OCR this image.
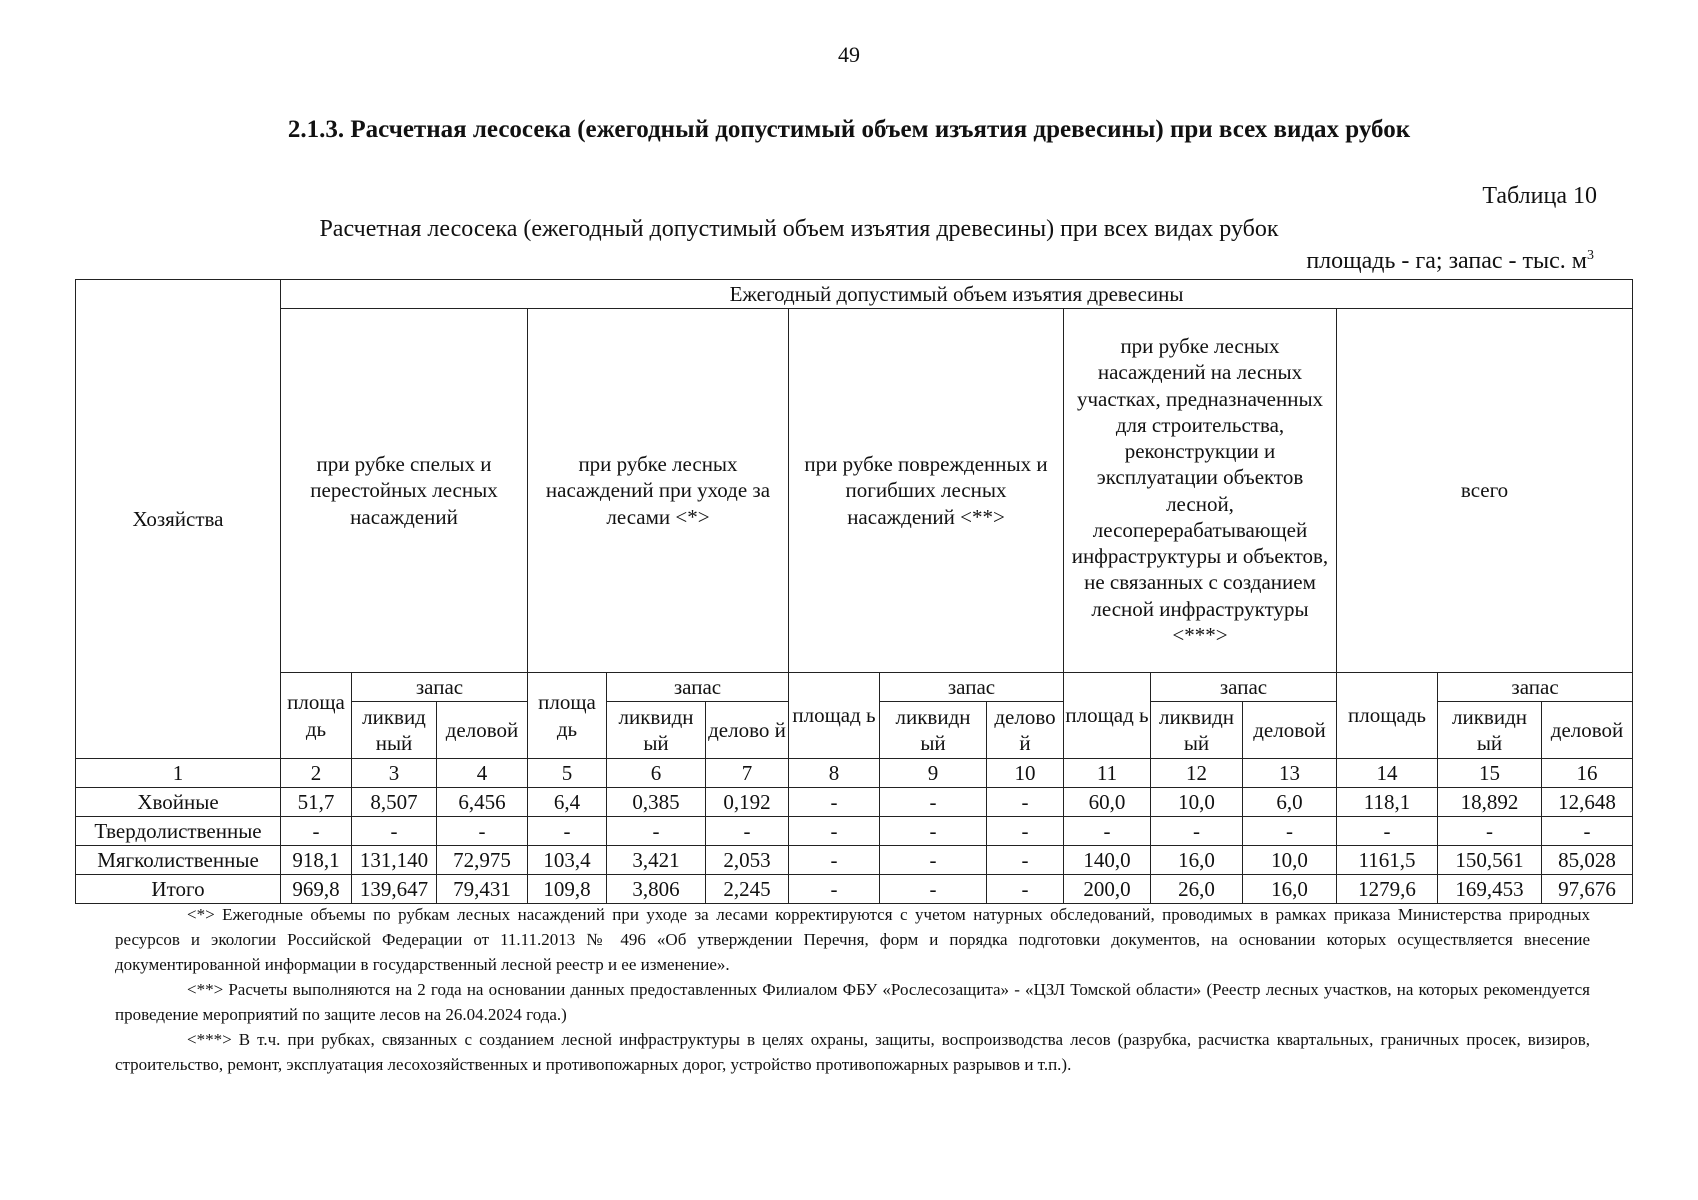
49
2.1.3. Расчетная лесосека (ежегодный допустимый объем изъятия древесины) при всех видах рубок
Таблица 10
Расчетная лесосека (ежегодный допустимый объем изъятия древесины) при всех видах рубок
площадь - га; запас - тыс. $м^3$
Хозяйства	Ежегодный допустимый объем изъятия древесины														
	при рубке спелых и перестойных лесных насаждений			при рубке лесных насаждений при уходе за лесами <*>			при рубке поврежденных и погибших лесных насаждений <**>			при рубке лесных насаждений на лесных участках, предназначенных для строительства, реконструкции и эксплуатации объектов лесной, лесоперерабатывающей инфраструктуры и объектов, не связанных с созданием лесной инфраструктуры <***>			всего		
	площа дь	запас		площа дь	запас		площад ь	запас		площад ь	запас		площадь	запас	
		ликвид ный	деловой		ликвидн ый	делово й		ликвидн ый	делово й		ликвидн ый	деловой		ликвидн ый	деловой
1	2	3	4	5	6	7	8	9	10	11	12	13	14	15	16
Хвойные	51,7	8,507	6,456	6,4	0,385	0,192	-	-	-	60,0	10,0	6,0	118,1	18,892	12,648
Твердолиственные	-	-	-	-	-	-	-	-	-	-	-	-	-	-	-
Мягколиственные	918,1	131,140	72,975	103,4	3,421	2,053	-	-	-	140,0	16,0	10,0	1161,5	150,561	85,028
Итого	969,8	139,647	79,431	109,8	3,806	2,245	-	-	-	200,0	26,0	16,0	1279,6	169,453	97,676

<*> Ежегодные объемы по рубкам лесных насаждений при уходе за лесами корректируются с учетом натурных обследований, проводимых в рамках приказа Министерства природных ресурсов и экологии Российской Федерации от 11.11.2013 № 496 «Об утверждении Перечня, форм и порядка подготовки документов, на основании которых осуществляется внесение документированной информации в государственный лесной реестр и ее изменение».

<**> Расчеты выполняются на 2 года на основании данных предоставленных Филиалом ФБУ «Рослесозащита» - «ЦЗЛ Томской области» (Реестр лесных участков, на которых рекомендуется проведение мероприятий по защите лесов на 26.04.2024 года.)

<***> В т.ч. при рубках, связанных с созданием лесной инфраструктуры в целях охраны, защиты, воспроизводства лесов (разрубка, расчистка квартальных, граничных просек, визиров, строительство, ремонт, эксплуатация лесохозяйственных и противопожарных дорог, устройство противопожарных разрывов и т.п.).
